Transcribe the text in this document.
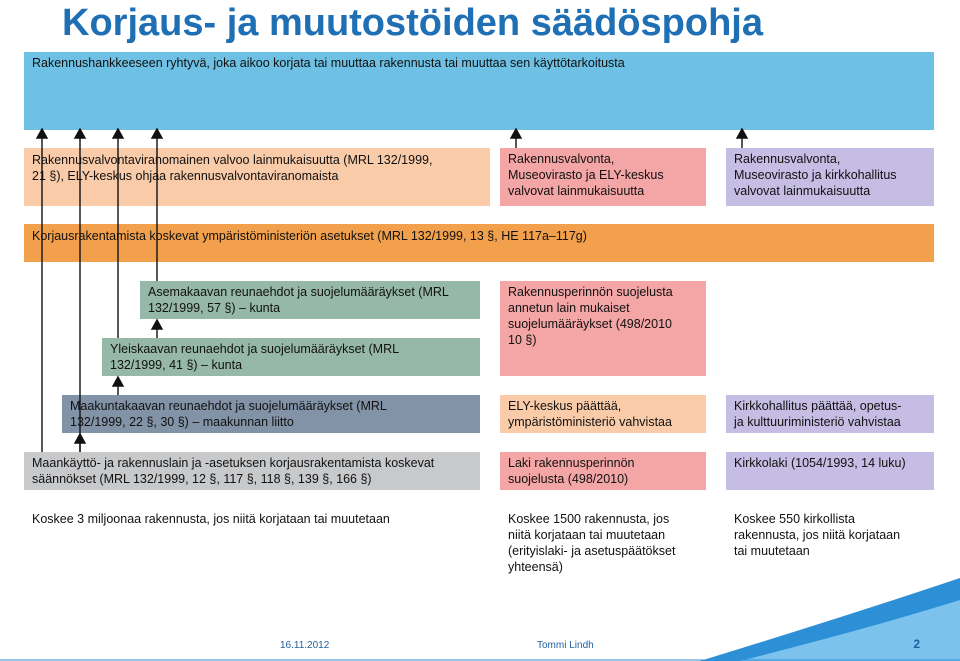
Korjaus- ja muutostöiden säädöspohja
Rakennushankkeeseen ryhtyvä, joka aikoo korjata tai muuttaa rakennusta tai muuttaa sen käyttötarkoitusta
Rakennusvalvontaviranomainen valvoo lainmukaisuutta (MRL 132/1999,
21 §), ELY-keskus ohjaa rakennusvalvontaviranomaista
Rakennusvalvonta,
Museovirasto ja ELY-keskus
valvovat lainmukaisuutta
Rakennusvalvonta,
Museovirasto ja kirkkohallitus
valvovat lainmukaisuutta
Korjausrakentamista koskevat ympäristöministeriön asetukset (MRL 132/1999, 13 §, HE 117a–117g)
Asemakaavan reunaehdot ja suojelumääräykset (MRL
132/1999, 57 §) – kunta
Yleiskaavan reunaehdot ja suojelumääräykset (MRL
132/1999, 41 §) – kunta
Rakennusperinnön suojelusta
annetun lain mukaiset
suojelumääräykset (498/2010
10 §)
Maakuntakaavan reunaehdot ja suojelumääräykset (MRL
132/1999, 22 §, 30 §) – maakunnan liitto
ELY-keskus päättää,
ympäristöministeriö vahvistaa
Kirkkohallitus päättää, opetus-
ja kulttuuriministeriö vahvistaa
Maankäyttö- ja rakennuslain ja -asetuksen korjausrakentamista koskevat
säännökset (MRL 132/1999, 12 §, 117 §, 118 §, 139 §, 166 §)
Laki rakennusperinnön
suojelusta (498/2010)
Kirkkolaki (1054/1993, 14 luku)
Koskee 3 miljoonaa rakennusta, jos niitä korjataan tai muutetaan	Koskee 1500 rakennusta, jos
niitä korjataan tai muutetaan
(erityislaki- ja asetuspäätökset
yhteensä)
Koskee 550 kirkollista
rakennusta, jos niitä korjataan
tai muutetaan
16.11.2012	Tommi Lindh	2
